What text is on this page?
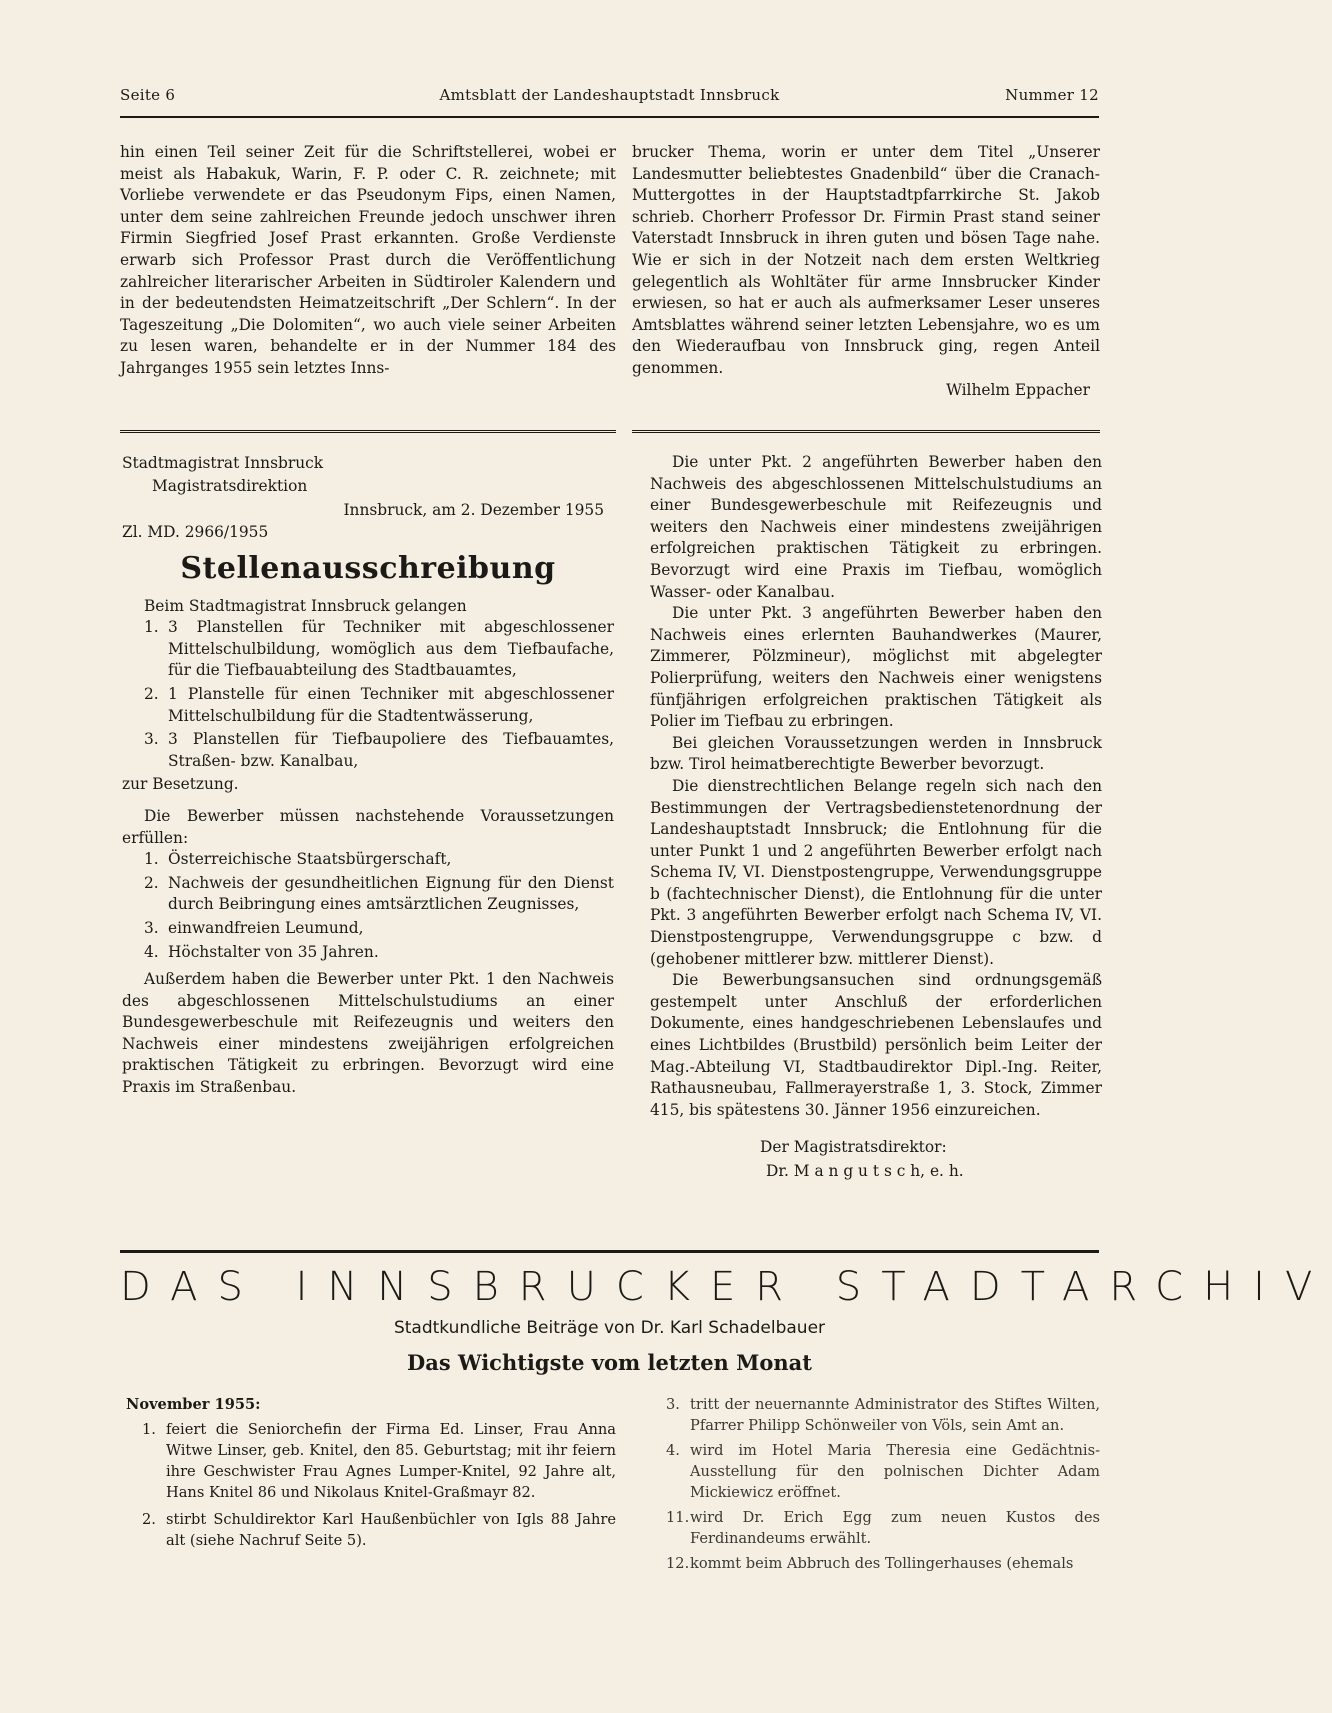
Seite 6	Amtsblatt der Landeshauptstadt Innsbruck	Nummer 12

hin einen Teil seiner Zeit für die Schriftstellerei, wobei er meist als Habakuk, Warin, F. P. oder C. R. zeichnete; mit Vorliebe verwendete er das Pseudonym Fips, einen Namen, unter dem seine zahlreichen Freunde jedoch unschwer ihren Firmin Siegfried Josef Prast erkannten. Große Verdienste erwarb sich Professor Prast durch die Veröffentlichung zahlreicher literarischer Arbeiten in Südtiroler Kalendern und in der bedeutendsten Heimatzeitschrift „Der Schlern“. In der Tageszeitung „Die Dolomiten“, wo auch viele seiner Arbeiten zu lesen waren, behandelte er in der Nummer 184 des Jahrganges 1955 sein letztes Inns-

brucker Thema, worin er unter dem Titel „Unserer Landesmutter beliebtestes Gnadenbild“ über die Cranach-Muttergottes in der Hauptstadtpfarrkirche St. Jakob schrieb. Chorherr Professor Dr. Firmin Prast stand seiner Vaterstadt Innsbruck in ihren guten und bösen Tage nahe. Wie er sich in der Notzeit nach dem ersten Weltkrieg gelegentlich als Wohltäter für arme Innsbrucker Kinder erwiesen, so hat er auch als aufmerksamer Leser unseres Amtsblattes während seiner letzten Lebensjahre, wo es um den Wiederaufbau von Innsbruck ging, regen Anteil genommen.

Wilhelm Eppacher

Stadtmagistrat Innsbruck
Magistratsdirektion
Innsbruck, am 2. Dezember 1955
Zl. MD. 2966/1955
Stellenausschreibung

Beim Stadtmagistrat Innsbruck gelangen

1. 3 Planstellen für Techniker mit abgeschlossener Mittelschulbildung, womöglich aus dem Tiefbaufache, für die Tiefbauabteilung des Stadtbauamtes,
2. 1 Planstelle für einen Techniker mit abgeschlossener Mittelschulbildung für die Stadtentwässerung,
3. 3 Planstellen für Tiefbaupoliere des Tiefbauamtes, Straßen- bzw. Kanalbau,

zur Besetzung.

Die Bewerber müssen nachstehende Voraussetzungen erfüllen:

1. Österreichische Staatsbürgerschaft,
2. Nachweis der gesundheitlichen Eignung für den Dienst durch Beibringung eines amtsärztlichen Zeugnisses,
3. einwandfreien Leumund,
4. Höchstalter von 35 Jahren.

Außerdem haben die Bewerber unter Pkt. 1 den Nachweis des abgeschlossenen Mittelschulstudiums an einer Bundesgewerbeschule mit Reifezeugnis und weiters den Nachweis einer mindestens zweijährigen erfolgreichen praktischen Tätigkeit zu erbringen. Bevorzugt wird eine Praxis im Straßenbau.

Die unter Pkt. 2 angeführten Bewerber haben den Nachweis des abgeschlossenen Mittelschulstudiums an einer Bundesgewerbeschule mit Reifezeugnis und weiters den Nachweis einer mindestens zweijährigen erfolgreichen praktischen Tätigkeit zu erbringen. Bevorzugt wird eine Praxis im Tiefbau, womöglich Wasser- oder Kanalbau.

Die unter Pkt. 3 angeführten Bewerber haben den Nachweis eines erlernten Bauhandwerkes (Maurer, Zimmerer, Pölzmineur), möglichst mit abgelegter Polierprüfung, weiters den Nachweis einer wenigstens fünfjährigen erfolgreichen praktischen Tätigkeit als Polier im Tiefbau zu erbringen.

Bei gleichen Voraussetzungen werden in Innsbruck bzw. Tirol heimatberechtigte Bewerber bevorzugt.

Die dienstrechtlichen Belange regeln sich nach den Bestimmungen der Vertragsbedienstetenordnung der Landeshauptstadt Innsbruck; die Entlohnung für die unter Punkt 1 und 2 angeführten Bewerber erfolgt nach Schema IV, VI. Dienstpostengruppe, Verwendungsgruppe b (fachtechnischer Dienst), die Entlohnung für die unter Pkt. 3 angeführten Bewerber erfolgt nach Schema IV, VI. Dienstpostengruppe, Verwendungsgruppe c bzw. d (gehobener mittlerer bzw. mittlerer Dienst).

Die Bewerbungsansuchen sind ordnungsgemäß gestempelt unter Anschluß der erforderlichen Dokumente, eines handgeschriebenen Lebenslaufes und eines Lichtbildes (Brustbild) persönlich beim Leiter der Mag.-Abteilung VI, Stadtbaudirektor Dipl.-Ing. Reiter, Rathausneubau, Fallmerayerstraße 1, 3. Stock, Zimmer 415, bis spätestens 30. Jänner 1956 einzureichen.

Der Magistratsdirektor:
Dr. M a n g u t s c h, e. h.
DAS INNSBRUCKER STADTARCHIV
Stadtkundliche Beiträge von Dr. Karl Schadelbauer
Das Wichtigste vom letzten Monat

November 1955:

1. feiert die Seniorchefin der Firma Ed. Linser, Frau Anna Witwe Linser, geb. Knitel, den 85. Geburtstag; mit ihr feiern ihre Geschwister Frau Agnes Lumper-Knitel, 92 Jahre alt, Hans Knitel 86 und Nikolaus Knitel-Graßmayr 82.
2. stirbt Schuldirektor Karl Haußenbüchler von Igls 88 Jahre alt (siehe Nachruf Seite 5).
3. tritt der neuernannte Administrator des Stiftes Wilten, Pfarrer Philipp Schönweiler von Völs, sein Amt an.
4. wird im Hotel Maria Theresia eine Gedächtnis-Ausstellung für den polnischen Dichter Adam Mickiewicz eröffnet.
11. wird Dr. Erich Egg zum neuen Kustos des Ferdinandeums erwählt.
12. kommt beim Abbruch des Tollingerhauses (ehemals
